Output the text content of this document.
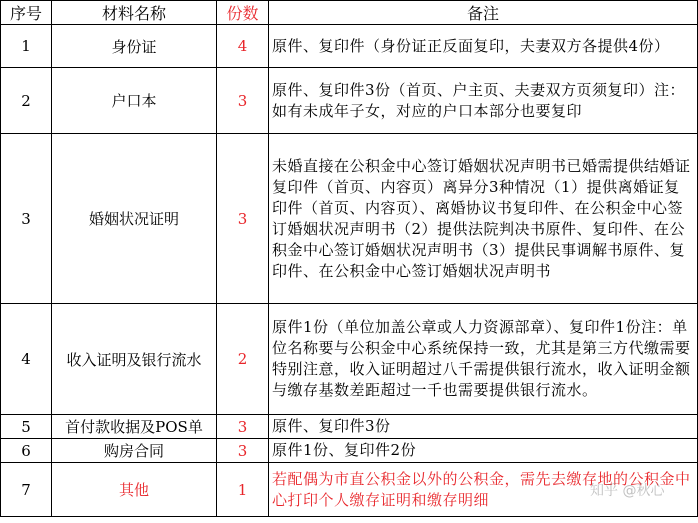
序号	材料名称	份数	备注
1	身份证	4	原件、复印件（身份证正反面复印，夫妻双方各提供4份）
2	户口本	3	原件、复印件3份（首页、户主页、夫妻双方页须复印）注：如有未成年子女，对应的户口本部分也要复印
3	婚姻状况证明	3	未婚直接在公积金中心签订婚姻状况声明书已婚需提供结婚证复印件（首页、内容页）离异分3种情况（1）提供离婚证复印件（首页、内容页）、离婚协议书复印件、在公积金中心签订婚姻状况声明书（2）提供法院判决书原件、复印件、在公积金中心签订婚姻状况声明书（3）提供民事调解书原件、复印件、在公积金中心签订婚姻状况声明书
4	收入证明及银行流水	2	原件1份（单位加盖公章或人力资源部章）、复印件1份注：单位名称要与公积金中心系统保持一致，尤其是第三方代缴需要特别注意，收入证明超过八千需提供银行流水，收入证明金额与缴存基数差距超过一千也需要提供银行流水。
5	首付款收据及POS单	3	原件、复印件3份
6	购房合同	3	原件1份、复印件2份
7	其他	1	若配偶为市直公积金以外的公积金，需先去缴存地的公积金中心打印个人缴存证明和缴存明细	知乎 @秋心
